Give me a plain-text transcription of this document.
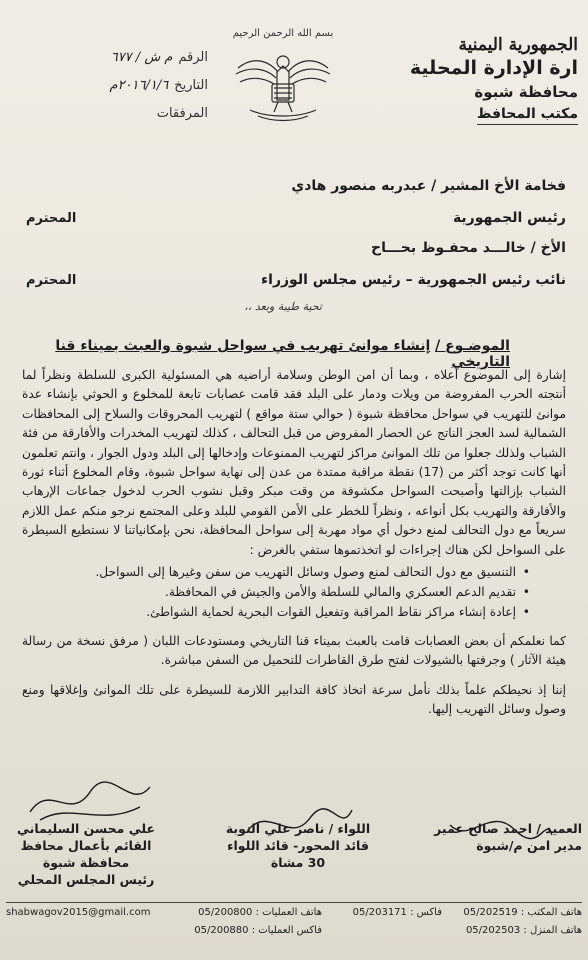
الجمهورية اليمنية
ارة الإدارة المحلية
محافظة شبوة
مكتب المحافظ
بسم الله الرحمن الرحيم
الرقم
م ش / ٦٧٧
التاريخ
٢٠١٦/١/٦م
المرفقات
فخامة الأخ المشير / عبدربه منصور هادي
رئيس الجمهورية
المحترم
الأخ / خالـــد محفـوظ بحـــاح
نائب رئيس الجمهورية – رئيس مجلس الوزراء
المحترم
تحية طيبة وبعد ،،
الموضـوع / إنشاء موانئ تهريب في سواحل شبوة والعبث بميناء قنا التاريخي

إشارة إلى الموضوع أعلاه ، وبما أن امن الوطن وسلامة أراضيه هي المسئولية الكبرى للسلطة ونظراً لما أنتجته الحرب المفروضة من ويلات ودمار على البلد فقد قامت عصابات تابعة للمخلوع و الحوثي بإنشاء عدة موانئ للتهريب في سواحل محافظة شبوة ( حوالي ستة مواقع ) لتهريب المحروقات والسلاح إلى المحافظات الشمالية لسد العجز الناتج عن الحصار المفروض من قبل التحالف ، كذلك لتهريب المخدرات والأفارقة من فئة الشباب ولذلك جعلوا من تلك الموانئ مراكز لتهريب الممنوعات وإدخالها إلى البلد ودول الجوار ، وانتم تعلمون أنها كانت توجد أكثر من (17) نقطة مراقبة ممتدة من عدن إلى نهاية سواحل شبوة، وقام المخلوع أثناء ثورة الشباب بإزالتها وأصبحت السواحل مكشوفة من وقت مبكر وقبل نشوب الحرب لدخول جماعات الإرهاب والأفارقة والتهريب بكل أنواعه ، ونظراً للخطر على الأمن القومي للبلد وعلى المجتمع نرجو منكم عمل اللازم سريعاً مع دول التحالف لمنع دخول أي مواد مهربة إلى سواحل المحافظة، نحن بإمكانياتنا لا نستطيع السيطرة على السواحل لكن هناك إجراءات لو اتخذتموها ستفي بالغرض :

• التنسيق مع دول التحالف لمنع وصول وسائل التهريب من سفن وغيرها إلى السواحل.
• تقديم الدعم العسكري والمالي للسلطة والأمن والجيش في المحافظة.
• إعادة إنشاء مراكز نقاط المراقبة وتفعيل القوات البحرية لحماية الشواطئ.

كما نعلمكم أن بعض العصابات قامت بالعبث بميناء قنا التاريخي ومستودعات اللبان ( مرفق نسخة من رسالة هيئة الآثار ) وجرفتها بالشيولات لفتح طرق القاطرات للتحميل من السفن مباشرة.

إننا إذ نحيطكم علماً بذلك نأمل سرعة اتخاذ كافة التدابير اللازمة للسيطرة على تلك الموانئ وإغلاقها ومنع وصول وسائل التهريب إليها.

العميد / احمد صالح عمير
مدير امن م/شبوة
اللواء / ناصر علي النوبة
قائد المحور- قائد اللواء 30 مشاة
علي محسن السليماني
القائم بأعمال محافظ محافظة شبوة
رئيس المجلس المحلي
shabwagov2015@gmail.com	هاتف المكتب : 05/202519
فاكس : 05/203171
هاتف العمليات : 05/200800
هاتف المنزل : 05/202503
فاكس العمليات : 05/200880
